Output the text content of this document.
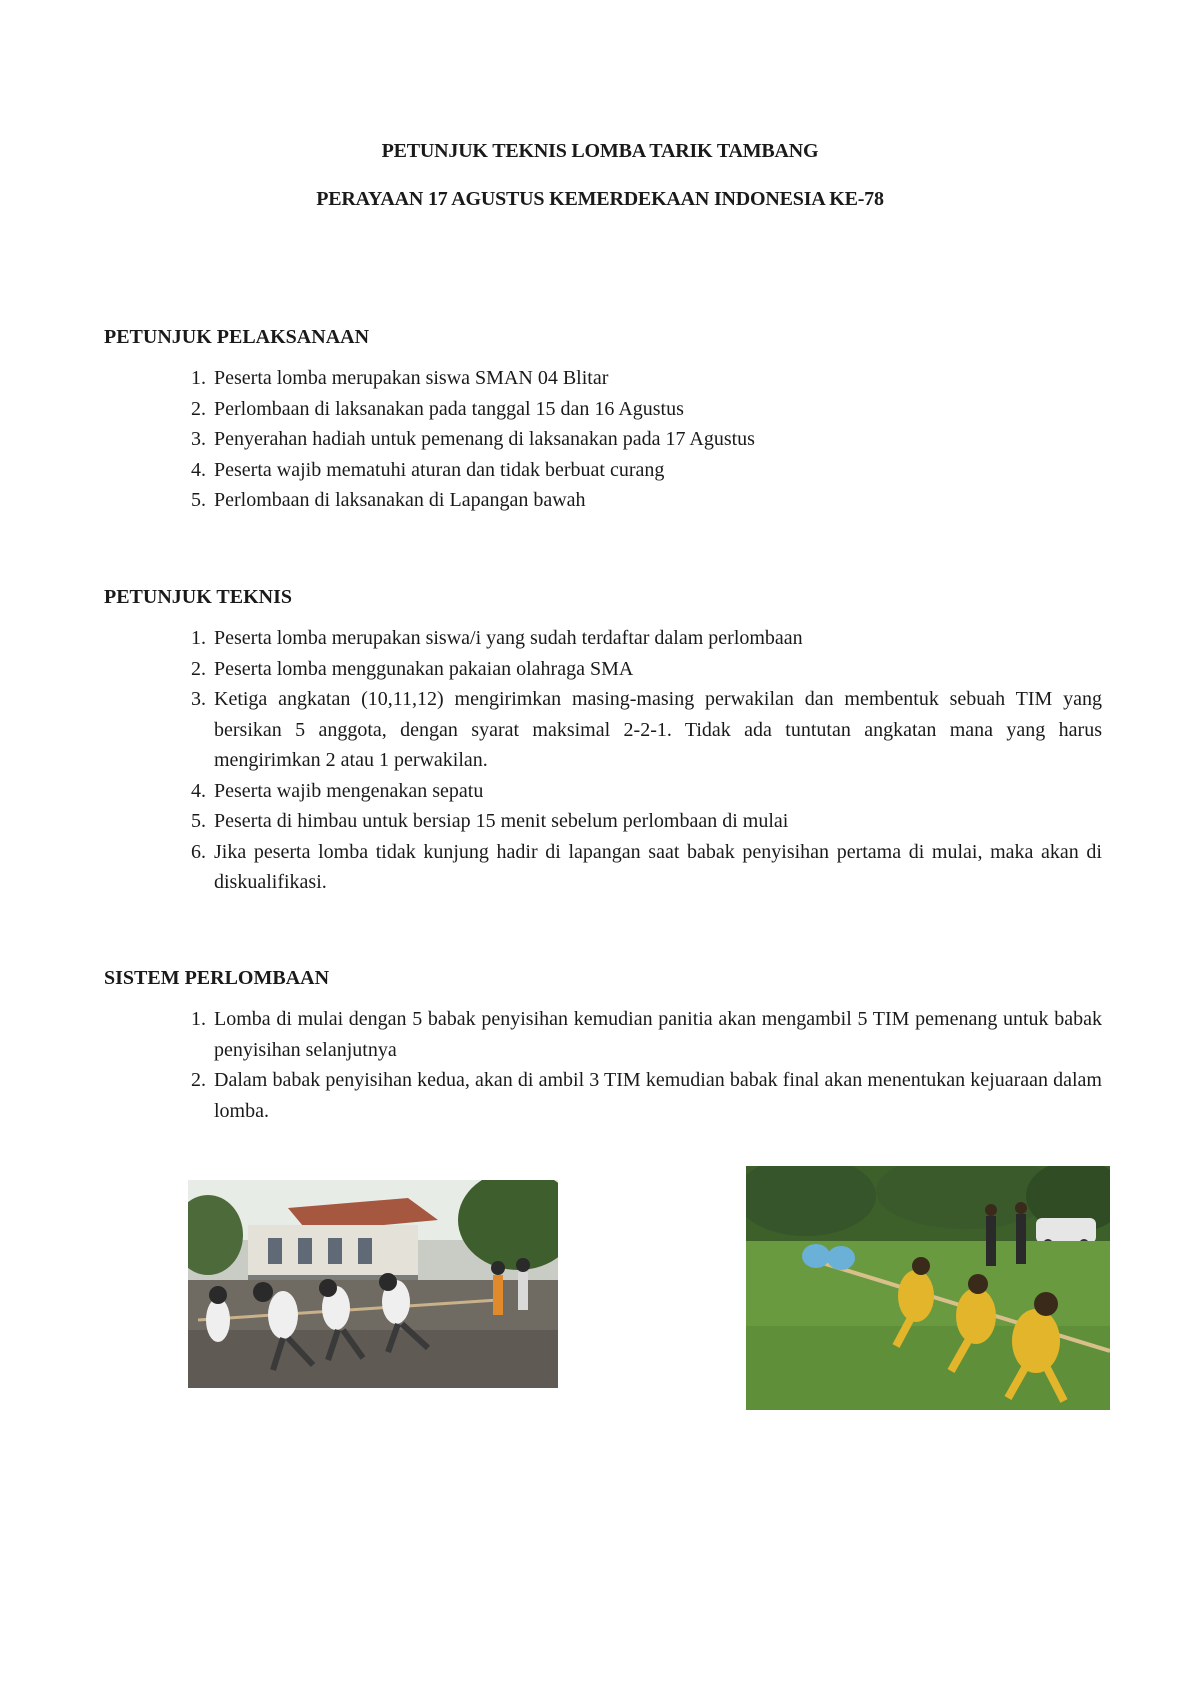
PETUNJUK TEKNIS LOMBA TARIK TAMBANG
PERAYAAN 17 AGUSTUS KEMERDEKAAN INDONESIA KE-78
PETUNJUK PELAKSANAAN
1. Peserta lomba merupakan siswa SMAN 04 Blitar
2. Perlombaan di laksanakan pada tanggal 15 dan 16 Agustus
3. Penyerahan hadiah untuk pemenang di laksanakan pada 17 Agustus
4. Peserta wajib mematuhi aturan dan tidak berbuat curang
5. Perlombaan di laksanakan di Lapangan bawah
PETUNJUK TEKNIS
1. Peserta lomba merupakan siswa/i yang sudah terdaftar dalam perlombaan
2. Peserta lomba menggunakan pakaian olahraga SMA
3. Ketiga angkatan (10,11,12) mengirimkan masing-masing perwakilan dan membentuk sebuah TIM yang bersikan 5 anggota, dengan syarat maksimal 2-2-1. Tidak ada tuntutan angkatan mana yang harus mengirimkan 2 atau 1 perwakilan.
4. Peserta wajib mengenakan sepatu
5. Peserta di himbau untuk bersiap 15 menit sebelum perlombaan di mulai
6. Jika peserta lomba tidak kunjung hadir di lapangan saat babak penyisihan pertama di mulai, maka akan di diskualifikasi.
SISTEM PERLOMBAAN
1. Lomba di mulai dengan 5 babak penyisihan kemudian panitia akan mengambil 5 TIM pemenang untuk babak penyisihan selanjutnya
2. Dalam babak penyisihan kedua, akan di ambil 3 TIM kemudian babak final akan menentukan kejuaraan dalam lomba.
